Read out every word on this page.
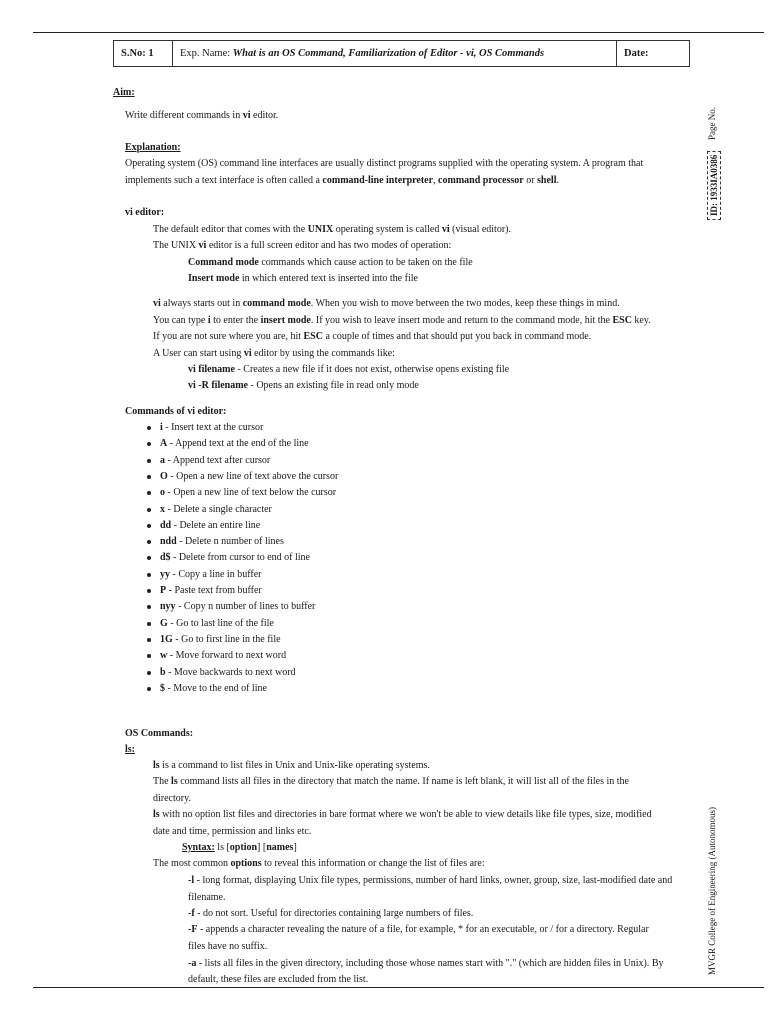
S.No: 1	Exp. Name: What is an OS Command, Familiarization of Editor - vi, OS Commands	Date:
Page No.
ID: 1933IA0386
MVGR College of Engineering (Autonomous)
Aim:
Write different commands in vi editor.
Explanation:
Operating system (OS) command line interfaces are usually distinct programs supplied with the operating system. A program that
implements such a text interface is often called a command-line interpreter, command processor or shell.
vi editor:
The default editor that comes with the UNIX operating system is called vi (visual editor).
The UNIX vi editor is a full screen editor and has two modes of operation:
Command mode commands which cause action to be taken on the file
Insert mode in which entered text is inserted into the file
vi always starts out in command mode. When you wish to move between the two modes, keep these things in mind.
You can type i to enter the insert mode. If you wish to leave insert mode and return to the command mode, hit the ESC key.
If you are not sure where you are, hit ESC a couple of times and that should put you back in command mode.
A User can start using vi editor by using the commands like:
vi filename - Creates a new file if it does not exist, otherwise opens existing file
vi -R filename - Opens an existing file in read only mode
Commands of vi editor:
i - Insert text at the cursor
A - Append text at the end of the line
a - Append text after cursor
O - Open a new line of text above the cursor
o - Open a new line of text below the cursor
x - Delete a single character
dd - Delete an entire line
ndd - Delete n number of lines
d$ - Delete from cursor to end of line
yy - Copy a line in buffer
P - Paste text from buffer
nyy - Copy n number of lines to buffer
G - Go to last line of the file
1G - Go to first line in the file
w - Move forward to next word
b - Move backwards to next word
$ - Move to the end of line
OS Commands:
ls:
ls is a command to list files in Unix and Unix-like operating systems.
The ls command lists all files in the directory that match the name. If name is left blank, it will list all of the files in the
directory.
ls with no option list files and directories in bare format where we won't be able to view details like file types, size, modified
date and time, permission and links etc.
Syntax: ls [option] [names]
The most common options to reveal this information or change the list of files are:
-l - long format, displaying Unix file types, permissions, number of hard links, owner, group, size, last-modified date and
filename.
-f - do not sort. Useful for directories containing large numbers of files.
-F - appends a character revealing the nature of a file, for example, * for an executable, or / for a directory. Regular
files have no suffix.
-a - lists all files in the given directory, including those whose names start with "." (which are hidden files in Unix). By
default, these files are excluded from the list.
